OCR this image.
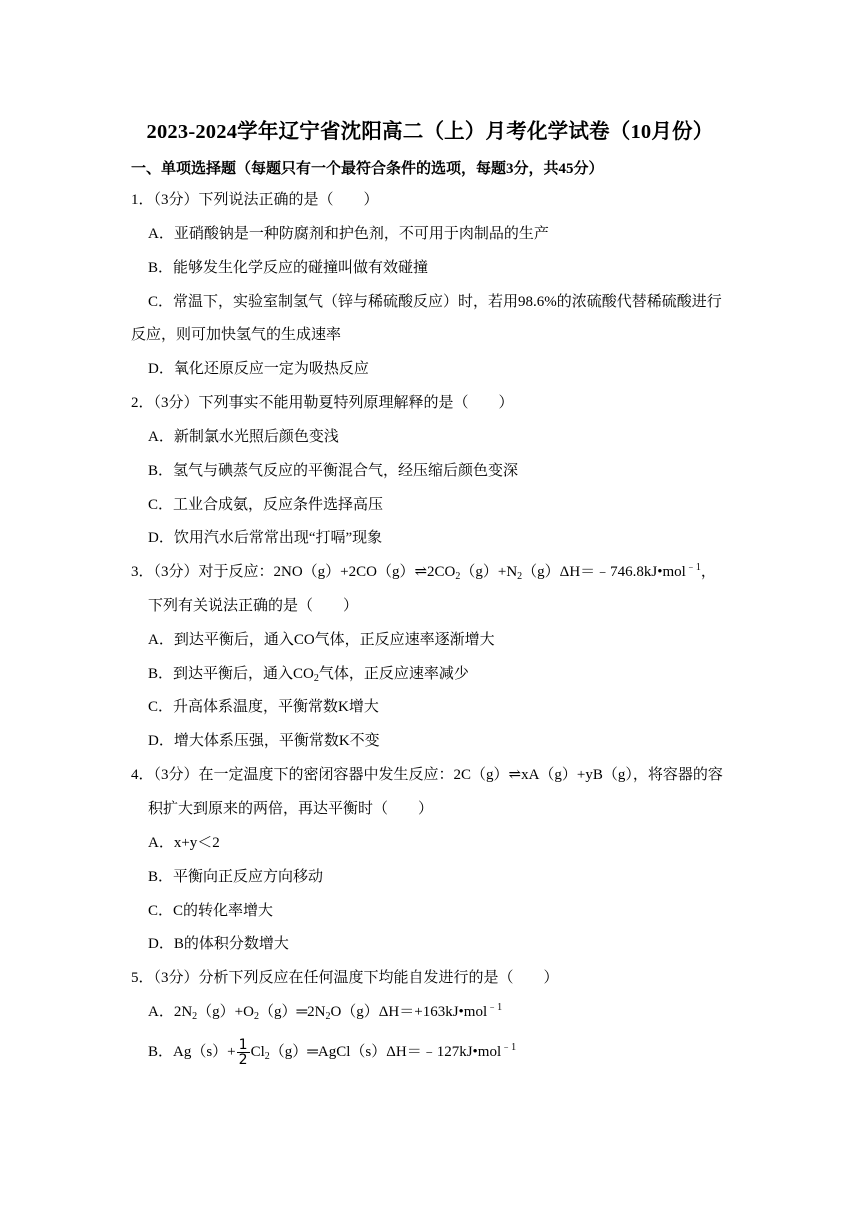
2023-2024学年辽宁省沈阳高二（上）月考化学试卷（10月份）
一、单项选择题（每题只有一个最符合条件的选项，每题3分，共45分）
1．（3分）下列说法正确的是（　　）
A．亚硝酸钠是一种防腐剂和护色剂，不可用于肉制品的生产
B．能够发生化学反应的碰撞叫做有效碰撞
C．常温下，实验室制氢气（锌与稀硫酸反应）时，若用98.6%的浓硫酸代替稀硫酸进行
反应，则可加快氢气的生成速率
D．氧化还原反应一定为吸热反应
2．（3分）下列事实不能用勒夏特列原理解释的是（　　）
A．新制氯水光照后颜色变浅
B．氢气与碘蒸气反应的平衡混合气，经压缩后颜色变深
C．工业合成氨，反应条件选择高压
D．饮用汽水后常常出现“打嗝”现象
3．（3分）对于反应：$2NO(g)+2CO(g)\rightleftharpoons 2CO_2(g)+N_2(g)\Delta H=﹣746.8kJ•mol^{﹣1}$，
下列有关说法正确的是（　　）
A．到达平衡后，通入CO气体，正反应速率逐渐增大
B．到达平衡后，通入$CO_2$气体，正反应速率减少
C．升高体系温度，平衡常数K增大
D．增大体系压强，平衡常数K不变
4．（3分）在一定温度下的密闭容器中发生反应：2C（g）⇌xA（g）+yB（g），将容器的容
积扩大到原来的两倍，再达平衡时（　　）
A．x+y＜2
B．平衡向正反应方向移动
C．C的转化率增大
D．B的体积分数增大
5．（3分）分析下列反应在任何温度下均能自发进行的是（　　）
A．$2N_2(g)+O_2(g)═2N_2O(g)\Delta H=+163kJ•mol^{﹣1}$
B．$Ag(s)+ \frac{1}{2}$ $Cl_2(g)═AgCl(s)\Delta H=﹣127kJ•mol^{﹣1}$
